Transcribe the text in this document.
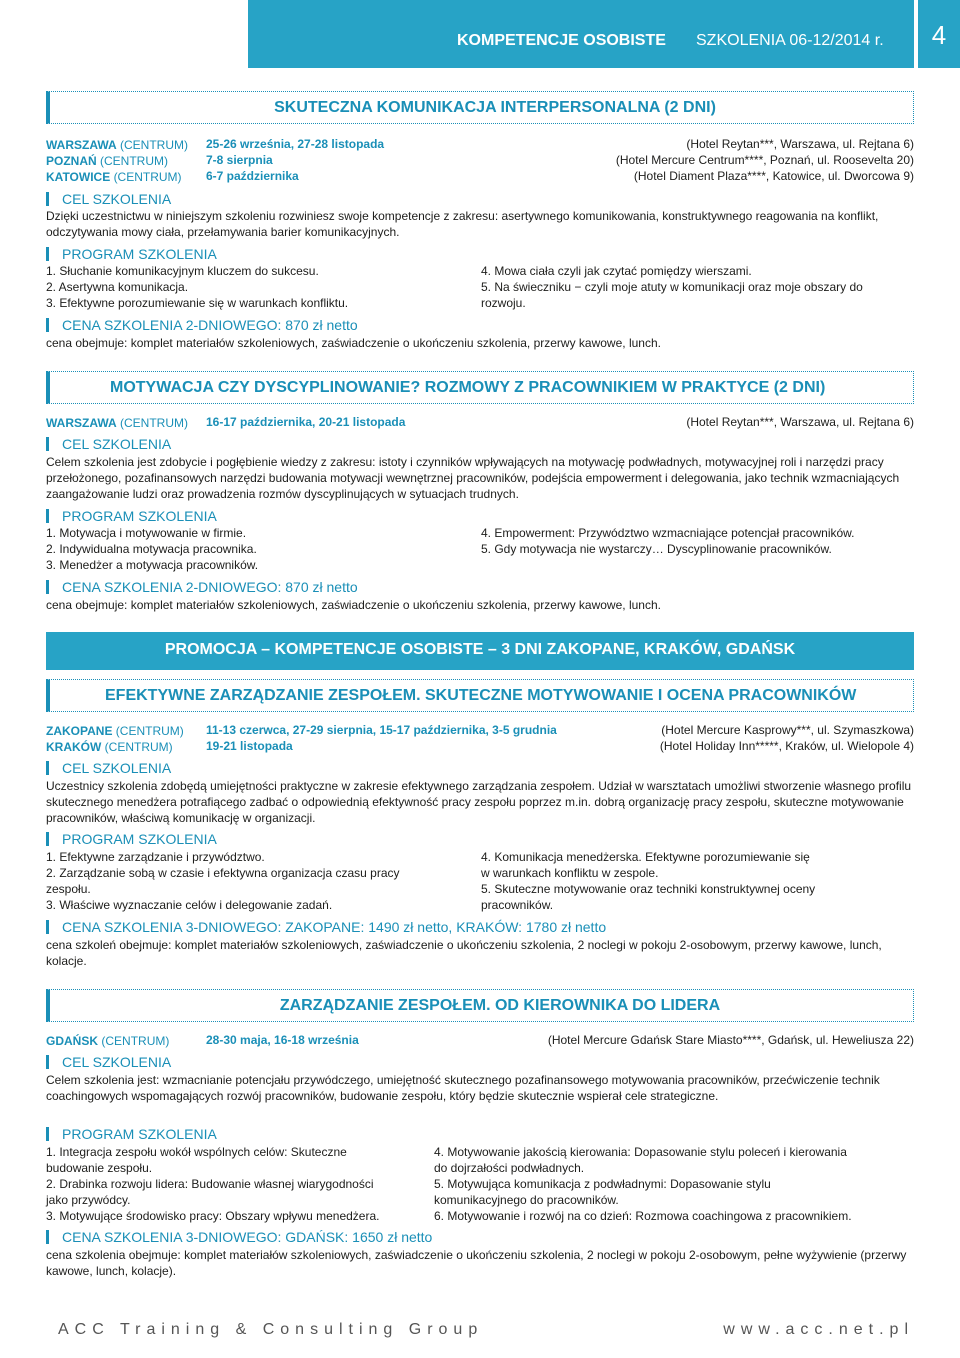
KOMPETENCJE OSOBISTE SZKOLENIA 06-12/2014 r.	4
SKUTECZNA KOMUNIKACJA INTERPERSONALNA (2 DNI)
WARSZAWA (CENTRUM) 25-26 września, 27-28 listopada	(Hotel Reytan***, Warszawa, ul. Rejtana 6)
POZNAŃ (CENTRUM)	7-8 sierpnia	(Hotel Mercure Centrum****, Poznań, ul. Roosevelta 20)
KATOWICE (CENTRUM) 6-7 października	(Hotel Diament Plaza****, Katowice, ul. Dworcowa 9)
CEL SZKOLENIA
Dzięki uczestnictwu w niniejszym szkoleniu rozwiniesz swoje kompetencje z zakresu: asertywnego komunikowania, konstruktywnego reagowania na konflikt, odczytywania mowy ciała, przełamywania barier komunikacyjnych.
PROGRAM SZKOLENIA
1. Słuchanie komunikacyjnym kluczem do sukcesu.
2. Asertywna komunikacja.
3. Efektywne porozumiewanie się w warunkach konfliktu.
4. Mowa ciała czyli jak czytać pomiędzy wierszami.
5. Na świeczniku − czyli moje atuty w komunikacji oraz moje obszary do rozwoju.
CENA SZKOLENIA 2-DNIOWEGO: 870 zł netto
cena obejmuje: komplet materiałów szkoleniowych, zaświadczenie o ukończeniu szkolenia, przerwy kawowe, lunch.
MOTYWACJA CZY DYSCYPLINOWANIE? ROZMOWY Z PRACOWNIKIEM W PRAKTYCE (2 DNI)
WARSZAWA (CENTRUM) 16-17 października, 20-21 listopada	(Hotel Reytan***, Warszawa, ul. Rejtana 6)
CEL SZKOLENIA
Celem szkolenia jest zdobycie i pogłębienie wiedzy z zakresu: istoty i czynników wpływających na motywację podwładnych, motywacyjnej roli i narzędzi pracy przełożonego, pozafinansowych narzędzi budowania motywacji wewnętrznej pracowników, podejścia empowerment i delegowania, jako technik wzmacniających zaangażowanie ludzi oraz prowadzenia rozmów dyscyplinujących w sytuacjach trudnych.
PROGRAM SZKOLENIA
1. Motywacja i motywowanie w firmie.
2. Indywidualna motywacja pracownika.
3. Menedżer a motywacja pracowników.
4. Empowerment: Przywództwo wzmacniające potencjał pracowników.
5. Gdy motywacja nie wystarczy… Dyscyplinowanie pracowników.
CENA SZKOLENIA 2-DNIOWEGO: 870 zł netto
cena obejmuje: komplet materiałów szkoleniowych, zaświadczenie o ukończeniu szkolenia, przerwy kawowe, lunch.
PROMOCJA – KOMPETENCJE OSOBISTE – 3 DNI ZAKOPANE, KRAKÓW, GDAŃSK
EFEKTYWNE ZARZĄDZANIE ZESPOŁEM. SKUTECZNE MOTYWOWANIE I OCENA PRACOWNIKÓW
ZAKOPANE (CENTRUM) 11-13 czerwca, 27-29 sierpnia, 15-17 października, 3-5 grudnia	(Hotel Mercure Kasprowy***, ul. Szymaszkowa)
KRAKÓW (CENTRUM)	19-21 listopada	(Hotel Holiday Inn*****, Kraków, ul. Wielopole 4)
CEL SZKOLENIA
Uczestnicy szkolenia zdobędą umiejętności praktyczne w zakresie efektywnego zarządzania zespołem. Udział w warsztatach umożliwi stworzenie własnego profilu skutecznego menedżera potrafiącego zadbać o odpowiednią efektywność pracy zespołu poprzez m.in. dobrą organizację pracy zespołu, skuteczne motywowanie pracowników, właściwą komunikację w organizacji.
PROGRAM SZKOLENIA
1. Efektywne zarządzanie i przywództwo.
2. Zarządzanie sobą w czasie i efektywna organizacja czasu pracy
zespołu.
3. Właściwe wyznaczanie celów i delegowanie zadań.
4. Komunikacja menedżerska. Efektywne porozumiewanie się
w warunkach konfliktu w zespole.
5. Skuteczne motywowanie oraz techniki konstruktywnej oceny
pracowników.
CENA SZKOLENIA 3-DNIOWEGO: ZAKOPANE: 1490 zł netto, KRAKÓW: 1780 zł netto
cena szkoleń obejmuje: komplet materiałów szkoleniowych, zaświadczenie o ukończeniu szkolenia, 2 noclegi w pokoju 2-osobowym, przerwy kawowe, lunch, kolacje.
ZARZĄDZANIE ZESPOŁEM. OD KIEROWNIKA DO LIDERA
GDAŃSK (CENTRUM)	28-30 maja, 16-18 września	(Hotel Mercure Gdańsk Stare Miasto****, Gdańsk, ul. Heweliusza 22)
CEL SZKOLENIA
Celem szkolenia jest: wzmacnianie potencjału przywódczego, umiejętność skutecznego pozafinansowego motywowania pracowników, przećwiczenie technik coachingowych wspomagających rozwój pracowników, budowanie zespołu, który będzie skutecznie wspierał cele strategiczne.
PROGRAM SZKOLENIA
1. Integracja zespołu wokół wspólnych celów: Skuteczne
budowanie zespołu.
2. Drabinka rozwoju lidera: Budowanie własnej wiarygodności
jako przywódcy.
3. Motywujące środowisko pracy: Obszary wpływu menedżera.
4. Motywowanie jakością kierowania: Dopasowanie stylu poleceń i kierowania
do dojrzałości podwładnych.
5. Motywująca komunikacja z podwładnymi: Dopasowanie stylu
komunikacyjnego do pracowników.
6. Motywowanie i rozwój na co dzień: Rozmowa coachingowa z pracownikiem.
CENA SZKOLENIA 3-DNIOWEGO: GDAŃSK: 1650 zł netto
cena szkolenia obejmuje: komplet materiałów szkoleniowych, zaświadczenie o ukończeniu szkolenia, 2 noclegi w pokoju 2-osobowym, pełne wyżywienie (przerwy kawowe, lunch, kolacje).
ACC Training & Consulting Group	www.acc.net.pl
